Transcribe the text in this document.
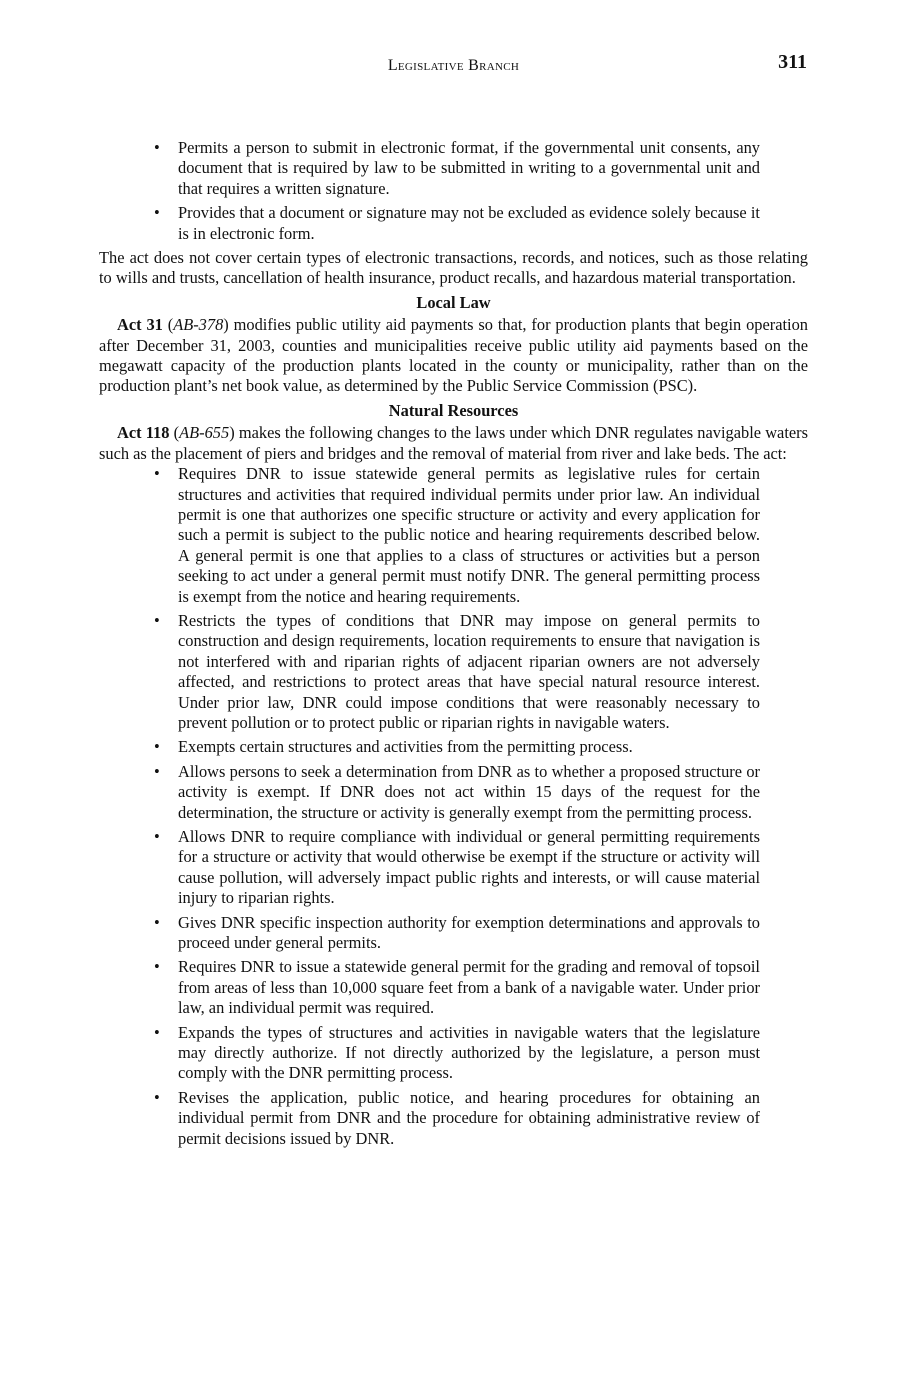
Legislative Branch	311
• Permits a person to submit in electronic format, if the governmental unit consents, any document that is required by law to be submitted in writing to a governmental unit and that requires a written signature.
• Provides that a document or signature may not be excluded as evidence solely because it is in electronic form.

The act does not cover certain types of electronic transactions, records, and notices, such as those relating to wills and trusts, cancellation of health insurance, product recalls, and hazardous material transportation.

Local Law

Act 31 (AB-378) modifies public utility aid payments so that, for production plants that begin operation after December 31, 2003, counties and municipalities receive public utility aid payments based on the megawatt capacity of the production plants located in the county or municipality, rather than on the production plant’s net book value, as determined by the Public Service Commission (PSC).

Natural Resources

Act 118 (AB-655) makes the following changes to the laws under which DNR regulates navigable waters such as the placement of piers and bridges and the removal of material from river and lake beds. The act:

• Requires DNR to issue statewide general permits as legislative rules for certain structures and activities that required individual permits under prior law. An individual permit is one that authorizes one specific structure or activity and every application for such a permit is subject to the public notice and hearing requirements described below. A general permit is one that applies to a class of structures or activities but a person seeking to act under a general permit must notify DNR. The general permitting process is exempt from the notice and hearing requirements.
• Restricts the types of conditions that DNR may impose on general permits to construction and design requirements, location requirements to ensure that navigation is not interfered with and riparian rights of adjacent riparian owners are not adversely affected, and restrictions to protect areas that have special natural resource interest. Under prior law, DNR could impose conditions that were reasonably necessary to prevent pollution or to protect public or riparian rights in navigable waters.
• Exempts certain structures and activities from the permitting process.
• Allows persons to seek a determination from DNR as to whether a proposed structure or activity is exempt. If DNR does not act within 15 days of the request for the determination, the structure or activity is generally exempt from the permitting process.
• Allows DNR to require compliance with individual or general permitting requirements for a structure or activity that would otherwise be exempt if the structure or activity will cause pollution, will adversely impact public rights and interests, or will cause material injury to riparian rights.
• Gives DNR specific inspection authority for exemption determinations and approvals to proceed under general permits.
• Requires DNR to issue a statewide general permit for the grading and removal of topsoil from areas of less than 10,000 square feet from a bank of a navigable water. Under prior law, an individual permit was required.
• Expands the types of structures and activities in navigable waters that the legislature may directly authorize. If not directly authorized by the legislature, a person must comply with the DNR permitting process.
• Revises the application, public notice, and hearing procedures for obtaining an individual permit from DNR and the procedure for obtaining administrative review of permit decisions issued by DNR.
